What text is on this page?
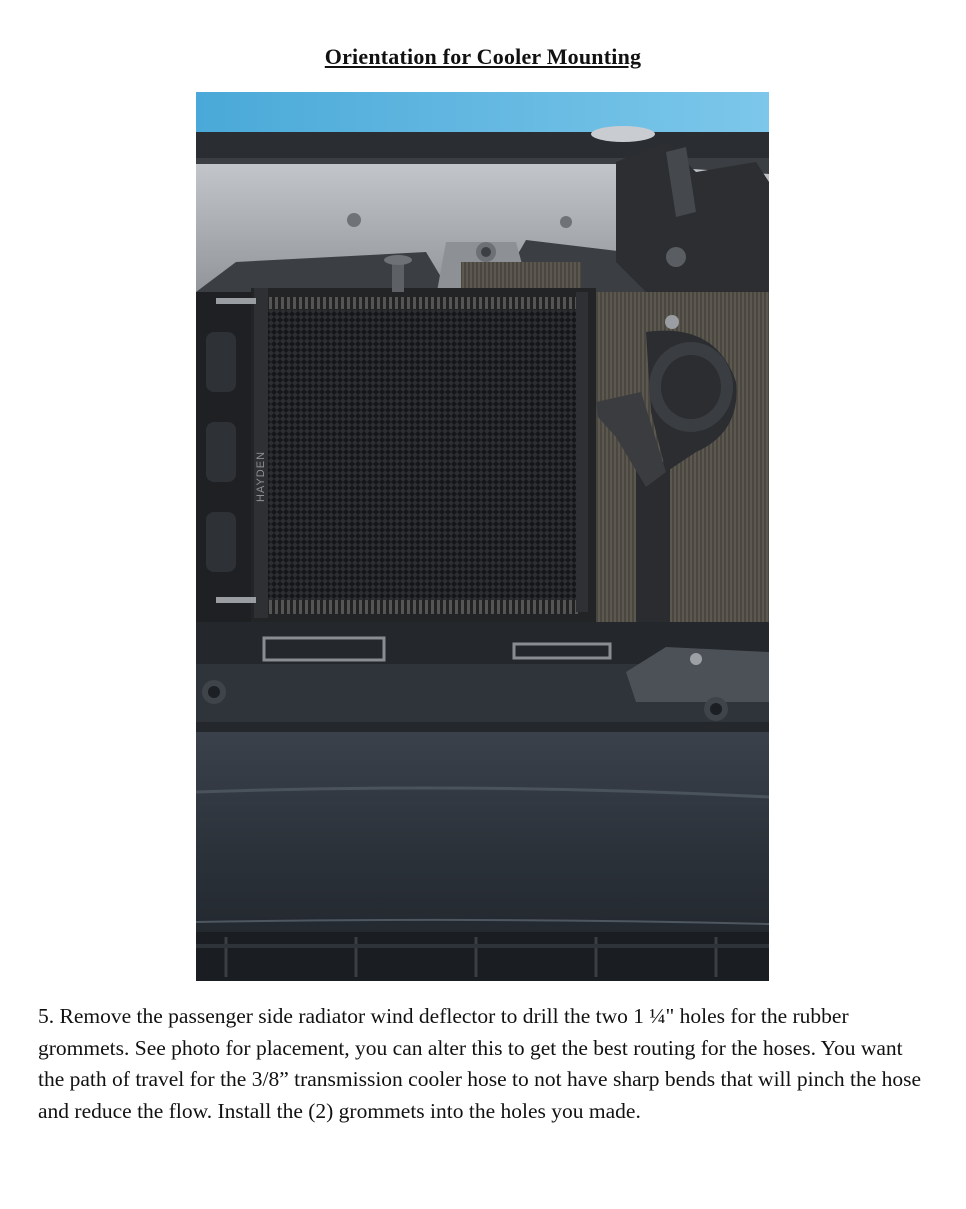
Orientation for Cooler Mounting
HAYDEN
5. Remove the passenger side radiator wind deflector to drill the two 1 ¼" holes for the rubber grommets. See photo for placement, you can alter this to get the best routing for the hoses. You want the path of travel for the 3/8” transmission cooler hose to not have sharp bends that will pinch the hose and reduce the flow. Install the (2) grommets into the holes you made.
